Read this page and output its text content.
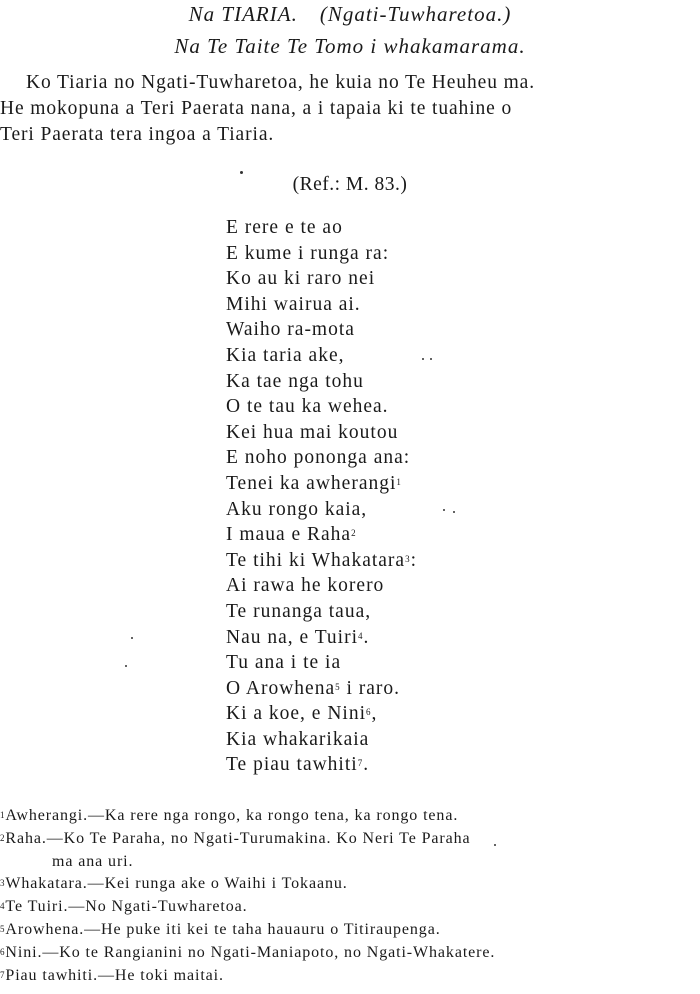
Na TIARIA. (Ngati-Tuwharetoa.)
Na Te Taite Te Tomo i whakamarama.
Ko Tiaria no Ngati-Tuwharetoa, he kuia no Te Heuheu ma.
He mokopuna a Teri Paerata nana, a i tapaia ki te tuahine o
Teri Paerata tera ingoa a Tiaria.
(Ref.: M. 83.)
E rere e te ao
E kume i runga ra:
Ko au ki raro nei
Mihi wairua ai.
Waiho ra-mota
Kia taria ake,
Ka tae nga tohu
O te tau ka wehea.
Kei hua mai koutou
E noho pononga ana:
Tenei ka awherangi$^1$
Aku rongo kaia,
I maua e Raha$^2$
Te tihi ki Whakatara$^3$:
Ai rawa he korero
Te runanga taua,
Nau na, e Tuiri$^4$.
Tu ana i te ia
O Arowhena$^5$ i raro.
Ki a koe, e Nini$^6$,
Kia whakarikaia
Te piau tawhiti$^7$.
$^1$Awherangi.—Ka rere nga rongo, ka rongo tena, ka rongo tena.
$^2$Raha.—Ko Te Paraha, no Ngati-Turumakina. Ko Neri Te Paraha
ma ana uri.
$^3$Whakatara.—Kei runga ake o Waihi i Tokaanu.
$^4$Te Tuiri.—No Ngati-Tuwharetoa.
$^5$Arowhena.—He puke iti kei te taha hauauru o Titiraupenga.
$^6$Nini.—Ko te Rangianini no Ngati-Maniapoto, no Ngati-Whakatere.
$^7$Piau tawhiti.—He toki maitai.
